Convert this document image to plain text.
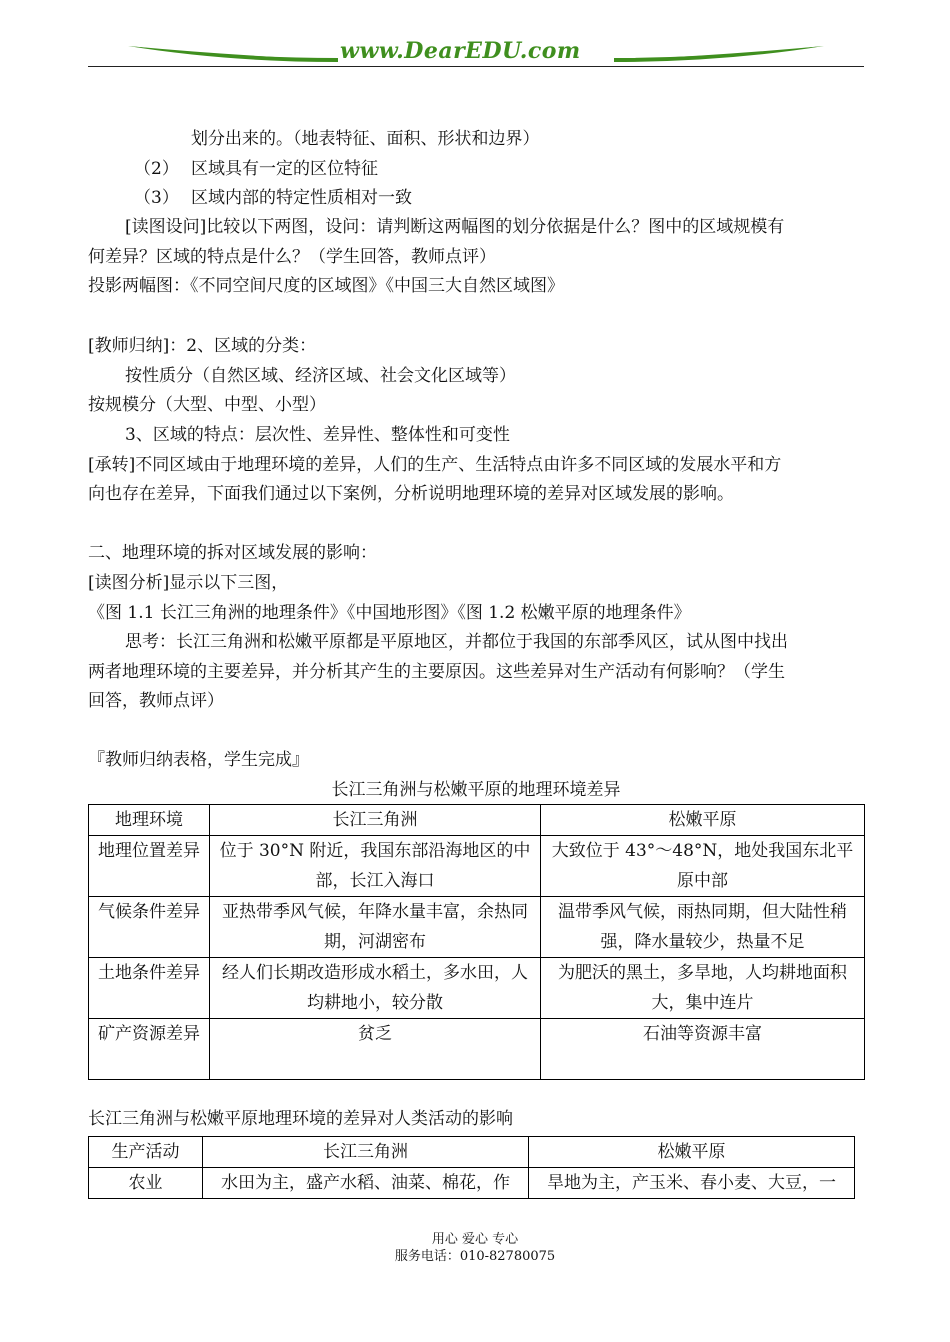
www.DearEDU.com
划分出来的。（地表特征、面积、形状和边界）
（2） 区域具有一定的区位特征
（3） 区域内部的特定性质相对一致
[读图设问]比较以下两图，设问：请判断这两幅图的划分依据是什么？图中的区域规模有
何差异？区域的特点是什么？（学生回答，教师点评）
投影两幅图：《不同空间尺度的区域图》《中国三大自然区域图》
[教师归纳]：2、区域的分类：
按性质分（自然区域、经济区域、社会文化区域等）
按规模分（大型、中型、小型）
3、区域的特点：层次性、差异性、整体性和可变性
[承转]不同区域由于地理环境的差异，人们的生产、生活特点由许多不同区域的发展水平和方
向也存在差异，下面我们通过以下案例，分析说明地理环境的差异对区域发展的影响。
二、地理环境的拆对区域发展的影响：
[读图分析]显示以下三图，
《图 1.1 长江三角洲的地理条件》《中国地形图》《图 1.2 松嫩平原的地理条件》
思考：长江三角洲和松嫩平原都是平原地区，并都位于我国的东部季风区，试从图中找出
两者地理环境的主要差异，并分析其产生的主要原因。这些差异对生产活动有何影响？（学生
回答，教师点评）
『教师归纳表格，学生完成』
长江三角洲与松嫩平原的地理环境差异
地理环境	长江三角洲	松嫩平原
地理位置差异	位于 30°N 附近，我国东部沿海地区的中部，长江入海口	大致位于 43°～48°N，地处我国东北平原中部
气候条件差异	亚热带季风气候，年降水量丰富，余热同期，河湖密布	温带季风气候，雨热同期，但大陆性稍强，降水量较少，热量不足
土地条件差异	经人们长期改造形成水稻土，多水田，人均耕地小，较分散	为肥沃的黑土，多旱地，人均耕地面积大，集中连片
矿产资源差异	贫乏	石油等资源丰富
长江三角洲与松嫩平原地理环境的差异对人类活动的影响
生产活动	长江三角洲	松嫩平原
农业	水田为主，盛产水稻、油菜、棉花，作	旱地为主，产玉米、春小麦、大豆，一
用心 爱心 专心
服务电话：010-82780075
